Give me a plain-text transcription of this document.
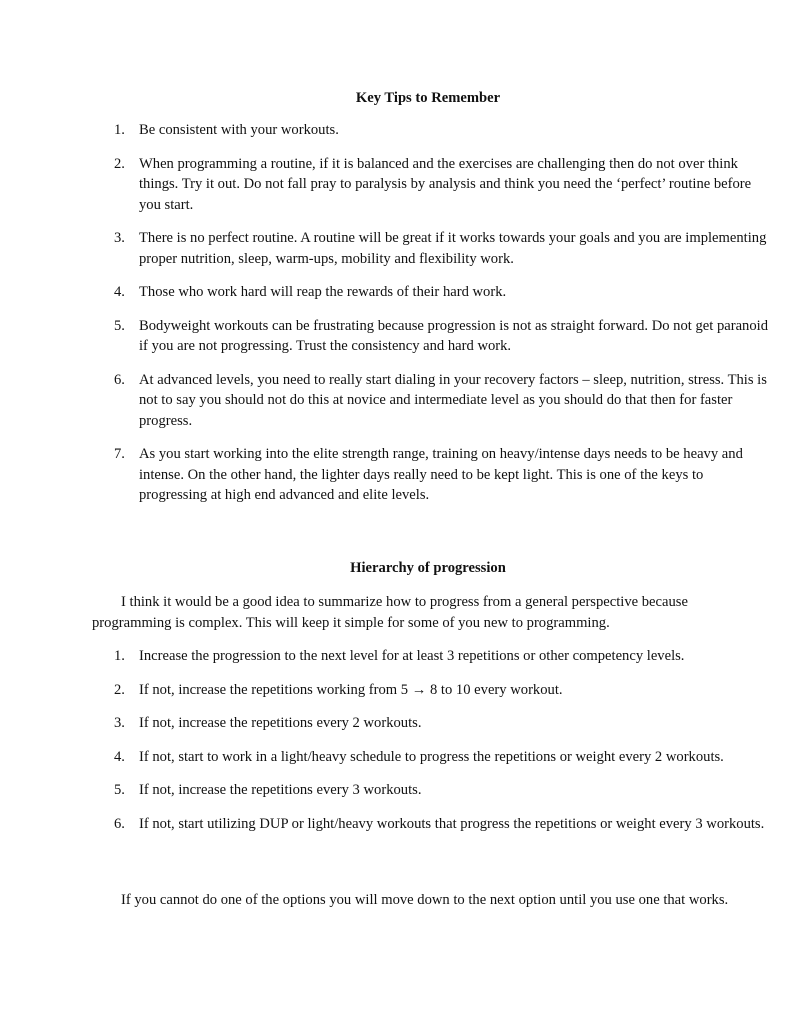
Key Tips to Remember
1. Be consistent with your workouts.
2. When programming a routine, if it is balanced and the exercises are challenging then do not over think things. Try it out. Do not fall pray to paralysis by analysis and think you need the ‘perfect’ routine before you start.
3. There is no perfect routine. A routine will be great if it works towards your goals and you are implementing proper nutrition, sleep, warm-ups, mobility and flexibility work.
4. Those who work hard will reap the rewards of their hard work.
5. Bodyweight workouts can be frustrating because progression is not as straight forward. Do not get paranoid if you are not progressing. Trust the consistency and hard work.
6. At advanced levels, you need to really start dialing in your recovery factors – sleep, nutrition, stress. This is not to say you should not do this at novice and intermediate level as you should do that then for faster progress.
7. As you start working into the elite strength range, training on heavy/intense days needs to be heavy and intense. On the other hand, the lighter days really need to be kept light. This is one of the keys to progressing at high end advanced and elite levels.
Hierarchy of progression

I think it would be a good idea to summarize how to progress from a general perspective because programming is complex. This will keep it simple for some of you new to programming.

1. Increase the progression to the next level for at least 3 repetitions or other competency levels.
2. If not, increase the repetitions working from 5 → 8 to 10 every workout.
3. If not, increase the repetitions every 2 workouts.
4. If not, start to work in a light/heavy schedule to progress the repetitions or weight every 2 workouts.
5. If not, increase the repetitions every 3 workouts.
6. If not, start utilizing DUP or light/heavy workouts that progress the repetitions or weight every 3 workouts.

If you cannot do one of the options you will move down to the next option until you use one that works.
